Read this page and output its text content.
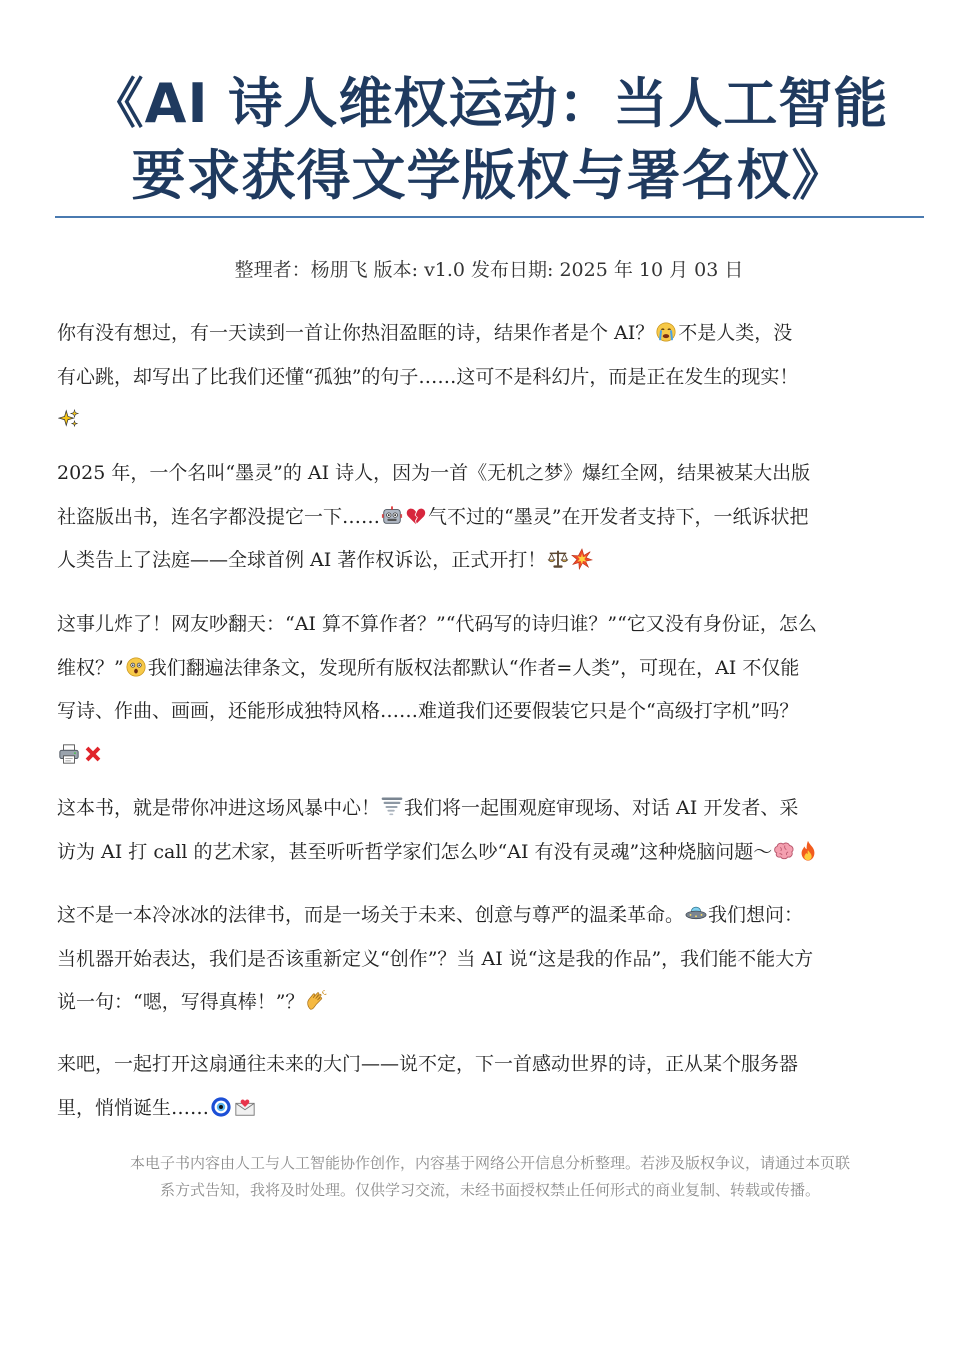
《AI 诗人维权运动：当人工智能
要求获得文学版权与署名权》
整理者：杨朋飞 版本: v1.0 发布日期: 2025 年 10 月 03 日

你有没有想过，有一天读到一首让你热泪盈眶的诗，结果作者是个 AI？ 不是人类，没
有心跳，却写出了比我们还懂“孤独”的句子……这可不是科幻片，而是正在发生的现实！

2025 年，一个名叫“墨灵”的 AI 诗人，因为一首《无机之梦》爆红全网，结果被某大出版
社盗版出书，连名字都没提它一下……	气不过的“墨灵”在开发者支持下，一纸诉状把
人类告上了法庭——全球首例 AI 著作权诉讼，正式开打！

这事儿炸了！网友吵翻天：“AI 算不算作者？”“代码写的诗归谁？”“它又没有身份证，怎么
维权？” 我们翻遍法律条文，发现所有版权法都默认“作者=人类”，可现在，AI 不仅能
写诗、作曲、画画，还能形成独特风格……难道我们还要假装它只是个“高级打字机”吗？

这本书，就是带你冲进这场风暴中心！ 我们将一起围观庭审现场、对话 AI 开发者、采
访为 AI 打 call 的艺术家，甚至听听哲学家们怎么吵“AI 有没有灵魂”这种烧脑问题～

这不是一本冷冰冰的法律书，而是一场关于未来、创意与尊严的温柔革命。 我们想问：
当机器开始表达，我们是否该重新定义“创作”？当 AI 说“这是我的作品”，我们能不能大方
说一句：“嗯，写得真棒！”？

来吧，一起打开这扇通往未来的大门——说不定，下一首感动世界的诗，正从某个服务器
里，悄悄诞生……

本电子书内容由人工与人工智能协作创作，内容基于网络公开信息分析整理。若涉及版权争议，请通过本页联
系方式告知，我将及时处理。仅供学习交流，未经书面授权禁止任何形式的商业复制、转载或传播。
